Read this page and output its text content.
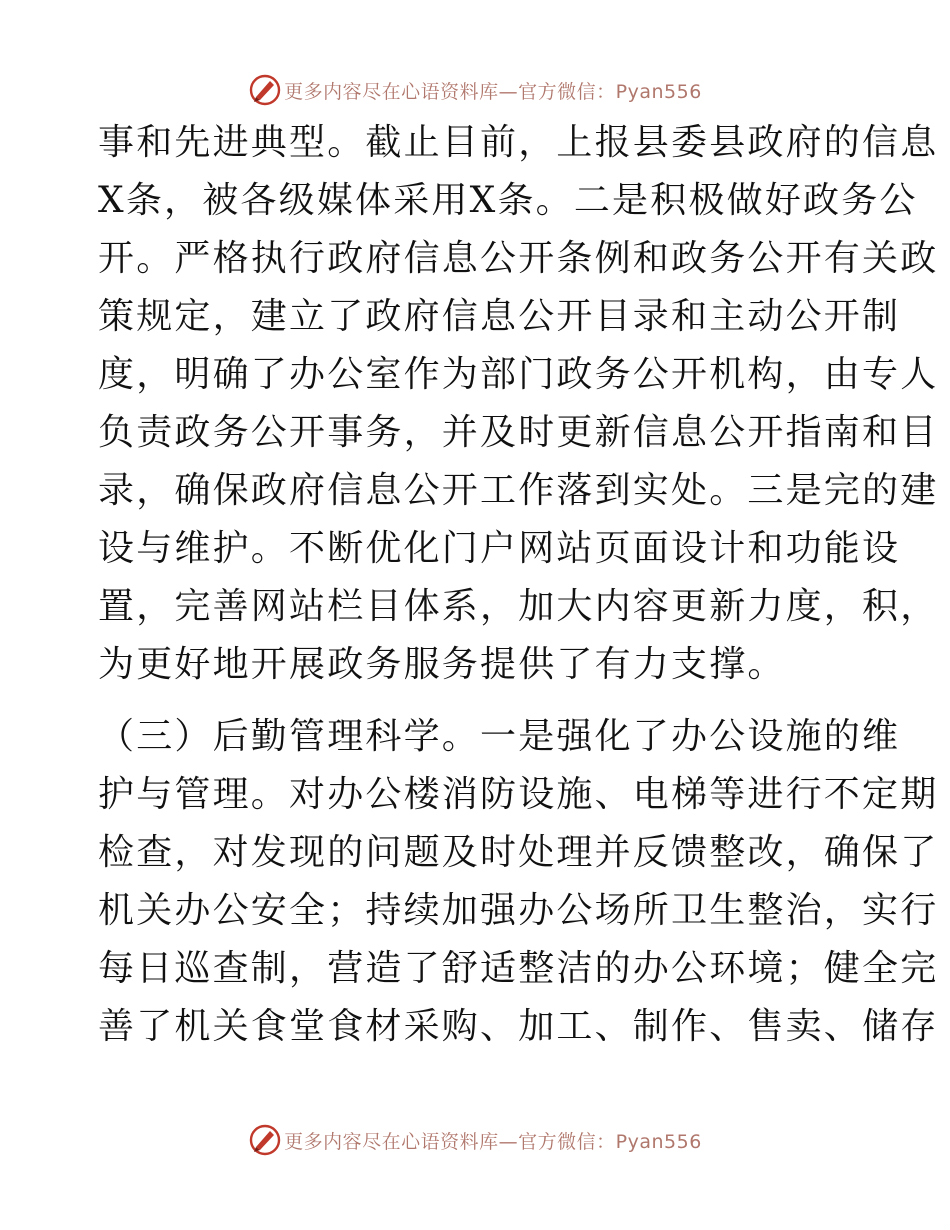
更多内容尽在心语资料库—官方微信：Pyan556
事和先进典型。截止目前，上报县委县政府的信息
X条，被各级媒体采用X条。二是积极做好政务公
开。严格执行政府信息公开条例和政务公开有关政
策规定，建立了政府信息公开目录和主动公开制
度，明确了办公室作为部门政务公开机构，由专人
负责政务公开事务，并及时更新信息公开指南和目
录，确保政府信息公开工作落到实处。三是完的建
设与维护。不断优化门户网站页面设计和功能设
置，完善网站栏目体系，加大内容更新力度，积，
为更好地开展政务服务提供了有力支撑。
（三）后勤管理科学。一是强化了办公设施的维
护与管理。对办公楼消防设施、电梯等进行不定期
检查，对发现的问题及时处理并反馈整改，确保了
机关办公安全；持续加强办公场所卫生整治，实行
每日巡查制，营造了舒适整洁的办公环境；健全完
善了机关食堂食材采购、加工、制作、售卖、储存
更多内容尽在心语资料库—官方微信：Pyan556
